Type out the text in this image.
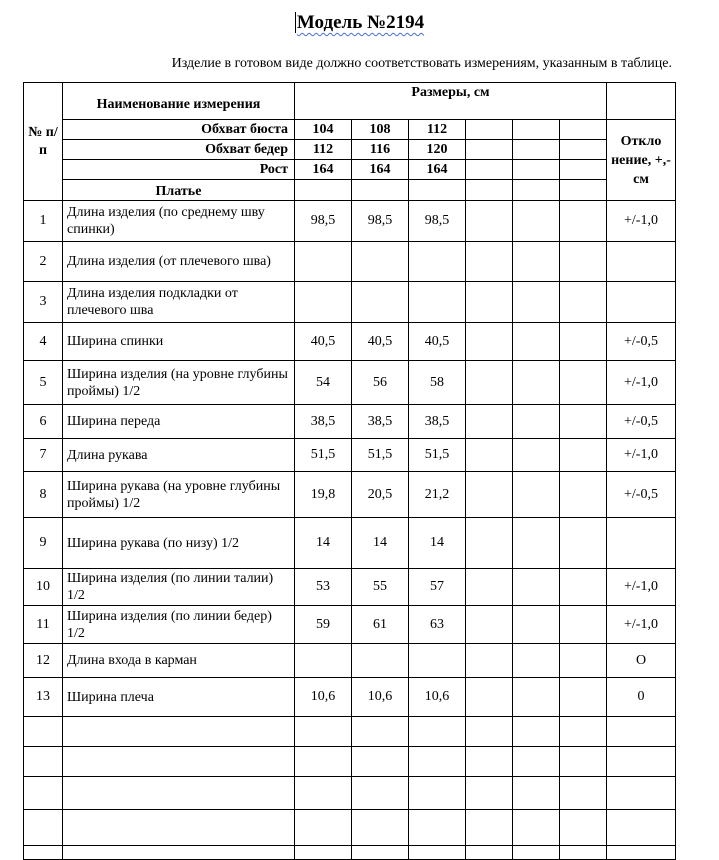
Модель №2194
Изделие в готовом виде должно соответствовать измерениям, указанным в таблице.
№ п/п	Наименование измерения	Размеры, см						
	Обхват бюста	104	108	112				Откло нение, +,- см
	Обхват бедер	112	116	120				
	Рост	164	164	164				
	Платье							
1	Длина изделия (по среднему шву спинки)	98,5	98,5	98,5				+/-1,0
2	Длина изделия (от плечевого шва)							
3	Длина изделия подкладки от плечевого шва							
4	Ширина спинки	40,5	40,5	40,5				+/-0,5
5	Ширина изделия (на уровне глубины проймы) 1/2	54	56	58				+/-1,0
6	Ширина переда	38,5	38,5	38,5				+/-0,5
7	Длина рукава	51,5	51,5	51,5				+/-1,0
8	Ширина рукава (на уровне глубины проймы) 1/2	19,8	20,5	21,2				+/-0,5
9	Ширина рукава (по низу) 1/2	14	14	14				
10	Ширина изделия (по линии талии) 1/2	53	55	57				+/-1,0
11	Ширина изделия (по линии бедер) 1/2	59	61	63				+/-1,0
12	Длина входа в карман							О
13	Ширина плеча	10,6	10,6	10,6				0
